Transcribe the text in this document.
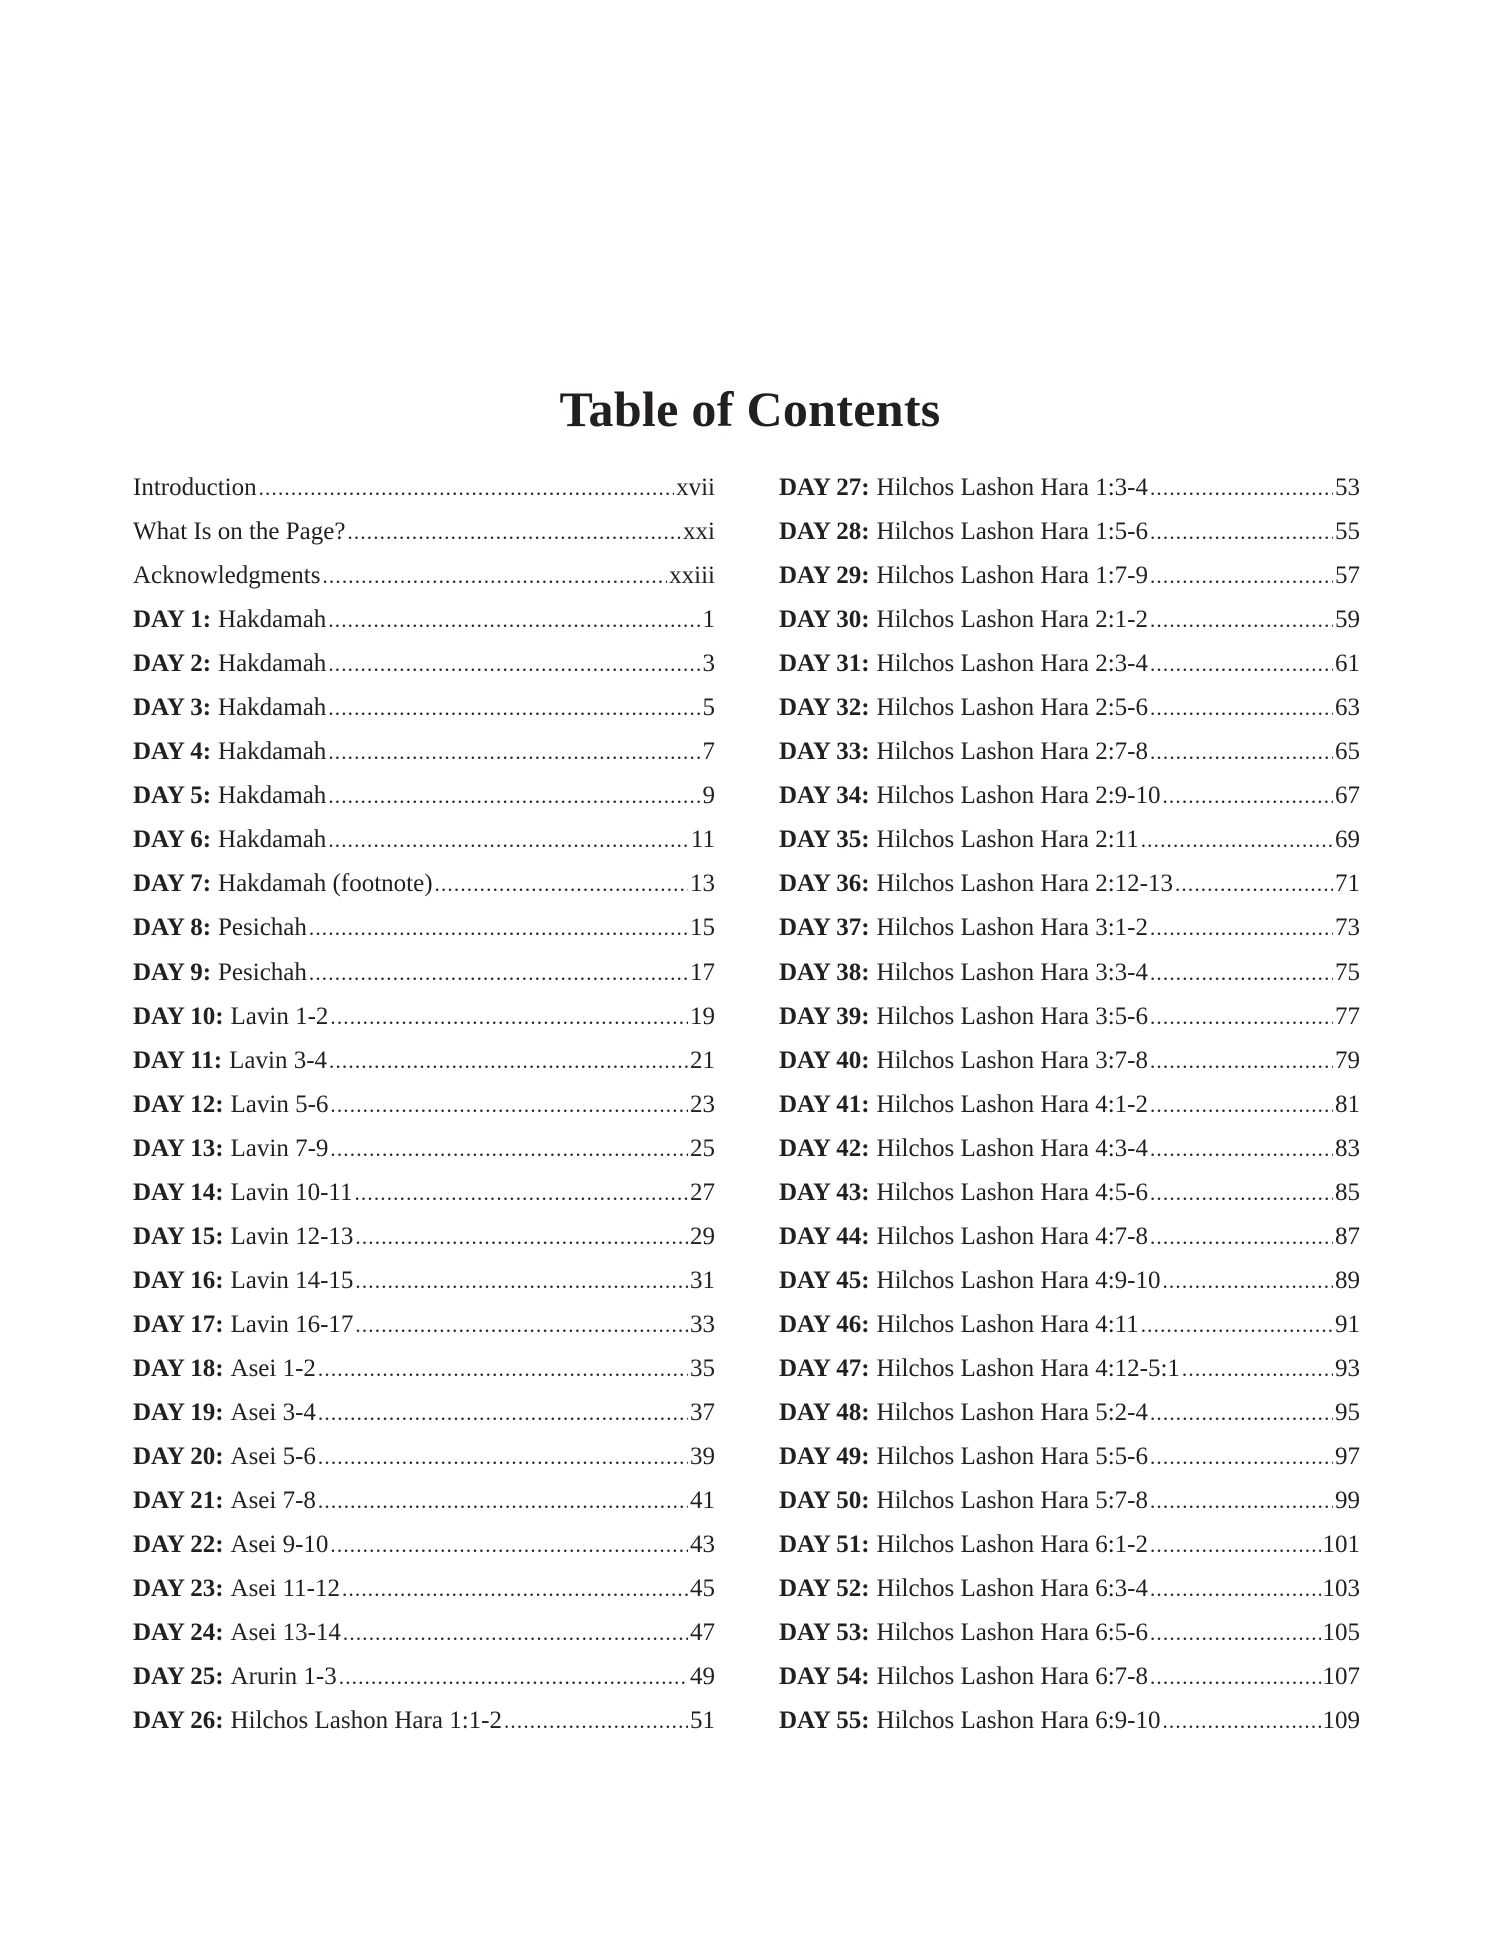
Table of Contents
Introduction .....	xvii
What Is on the Page? .....	xxi
Acknowledgments .....	xxiii
DAY 1: Hakdamah .....	1
DAY 2: Hakdamah .....	3
DAY 3: Hakdamah .....	5
DAY 4: Hakdamah .....	7
DAY 5: Hakdamah .....	9
DAY 6: Hakdamah .....	11
DAY 7: Hakdamah (footnote) .....	13
DAY 8: Pesichah .....	15
DAY 9: Pesichah .....	17
DAY 10: Lavin 1-2 .....	19
DAY 11: Lavin 3-4 .....	21
DAY 12: Lavin 5-6 .....	23
DAY 13: Lavin 7-9 .....	25
DAY 14: Lavin 10-11 .....	27
DAY 15: Lavin 12-13 .....	29
DAY 16: Lavin 14-15 .....	31
DAY 17: Lavin 16-17 .....	33
DAY 18: Asei 1-2 .....	35
DAY 19: Asei 3-4 .....	37
DAY 20: Asei 5-6 .....	39
DAY 21: Asei 7-8 .....	41
DAY 22: Asei 9-10 .....	43
DAY 23: Asei 11-12 .....	45
DAY 24: Asei 13-14 .....	47
DAY 25: Arurin 1-3 .....	49
DAY 26: Hilchos Lashon Hara 1:1-2 .....	51
DAY 27: Hilchos Lashon Hara 1:3-4 .....	53
DAY 28: Hilchos Lashon Hara 1:5-6 .....	55
DAY 29: Hilchos Lashon Hara 1:7-9 .....	57
DAY 30: Hilchos Lashon Hara 2:1-2 .....	59
DAY 31: Hilchos Lashon Hara 2:3-4 .....	61
DAY 32: Hilchos Lashon Hara 2:5-6 .....	63
DAY 33: Hilchos Lashon Hara 2:7-8 .....	65
DAY 34: Hilchos Lashon Hara 2:9-10 .....	67
DAY 35: Hilchos Lashon Hara 2:11 .....	69
DAY 36: Hilchos Lashon Hara 2:12-13 .....	71
DAY 37: Hilchos Lashon Hara 3:1-2 .....	73
DAY 38: Hilchos Lashon Hara 3:3-4 .....	75
DAY 39: Hilchos Lashon Hara 3:5-6 .....	77
DAY 40: Hilchos Lashon Hara 3:7-8 .....	79
DAY 41: Hilchos Lashon Hara 4:1-2 .....	81
DAY 42: Hilchos Lashon Hara 4:3-4 .....	83
DAY 43: Hilchos Lashon Hara 4:5-6 .....	85
DAY 44: Hilchos Lashon Hara 4:7-8 .....	87
DAY 45: Hilchos Lashon Hara 4:9-10 .....	89
DAY 46: Hilchos Lashon Hara 4:11 .....	91
DAY 47: Hilchos Lashon Hara 4:12-5:1 .....	93
DAY 48: Hilchos Lashon Hara 5:2-4 .....	95
DAY 49: Hilchos Lashon Hara 5:5-6 .....	97
DAY 50: Hilchos Lashon Hara 5:7-8 .....	99
DAY 51: Hilchos Lashon Hara 6:1-2 .....	101
DAY 52: Hilchos Lashon Hara 6:3-4 .....	103
DAY 53: Hilchos Lashon Hara 6:5-6 .....	105
DAY 54: Hilchos Lashon Hara 6:7-8 .....	107
DAY 55: Hilchos Lashon Hara 6:9-10 .....	109
